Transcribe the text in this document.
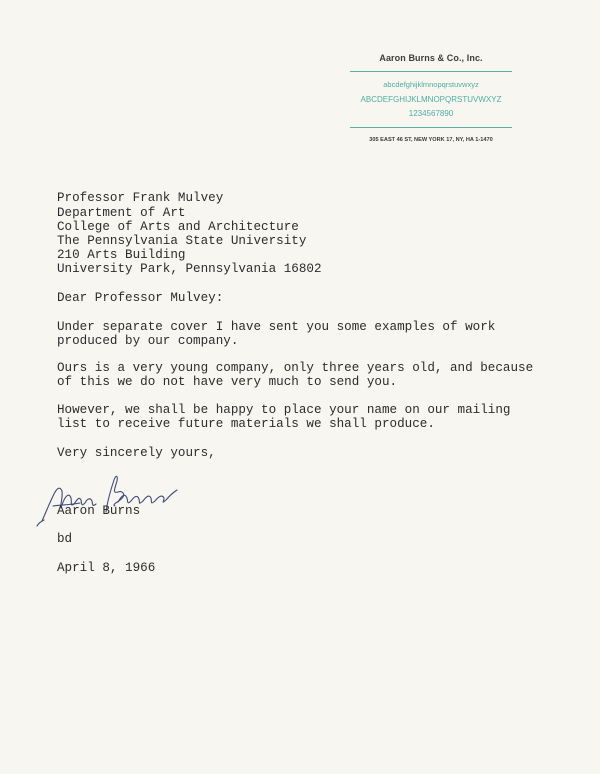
Aaron Burns & Co., Inc.
abcdefghijklmnopqrstuvwxyz
ABCDEFGHIJKLMNOPQRSTUVWXYZ
1234567890
305 EAST 46 ST, NEW YORK 17, NY, HA 1-1470
Professor Frank Mulvey
Department of Art
College of Arts and Architecture
The Pennsylvania State University
210 Arts Building
University Park, Pennsylvania 16802
Dear Professor Mulvey:
Under separate cover I have sent you some examples of work
produced by our company.
Ours is a very young company, only three years old, and because
of this we do not have very much to send you.
However, we shall be happy to place your name on our mailing
list to receive future materials we shall produce.
Very sincerely yours,
Aaron Burns
bd
April 8, 1966
